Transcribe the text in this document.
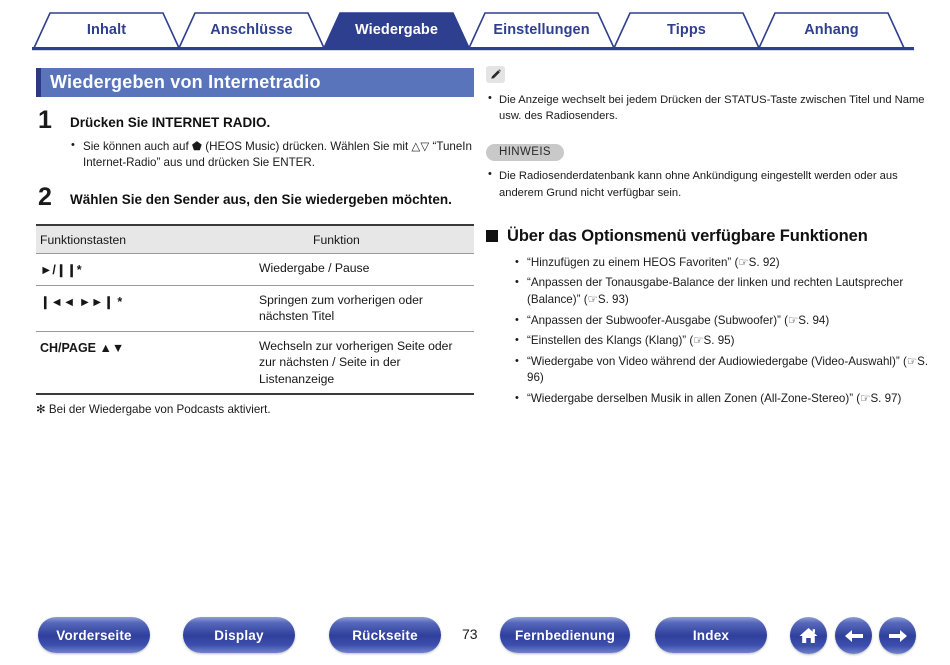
Inhalt	Anschlüsse	Wiedergabe	Einstellungen	Tipps	Anhang
Wiedergeben von Internetradio
1 Drücken Sie INTERNET RADIO.
• Sie können auch auf ⬟ (HEOS Music) drücken. Wählen Sie mit △▽ “TuneIn Internet-Radio” aus und drücken Sie ENTER.
2 Wählen Sie den Sender aus, den Sie wiedergeben möchten.
Funktionstasten	Funktion
►/❙❙*	Wiedergabe / Pause
❙◄◄ ►►❙ *	Springen zum vorherigen oder nächsten Titel
CH/PAGE ▲▼	Wechseln zur vorherigen Seite oder zur nächsten / Seite in der Listenanzeige
✻ Bei der Wiedergabe von Podcasts aktiviert.
• Die Anzeige wechselt bei jedem Drücken der STATUS-Taste zwischen Titel und Name usw. des Radiosenders.
HINWEIS
• Die Radiosenderdatenbank kann ohne Ankündigung eingestellt werden oder aus anderem Grund nicht verfügbar sein.
Über das Optionsmenü verfügbare Funktionen
• “Hinzufügen zu einem HEOS Favoriten” (☞ S. 92)
• “Anpassen der Tonausgabe-Balance der linken und rechten Lautsprecher (Balance)” (☞ S. 93)
• “Anpassen der Subwoofer-Ausgabe (Subwoofer)” (☞ S. 94)
• “Einstellen des Klangs (Klang)” (☞ S. 95)
• “Wiedergabe von Video während der Audiowiedergabe (Video-Auswahl)” (☞ S. 96)
• “Wiedergabe derselben Musik in allen Zonen (All-Zone-Stereo)” (☞ S. 97)
Vorderseite	Display	Rückseite	73	Fernbedienung	Index
